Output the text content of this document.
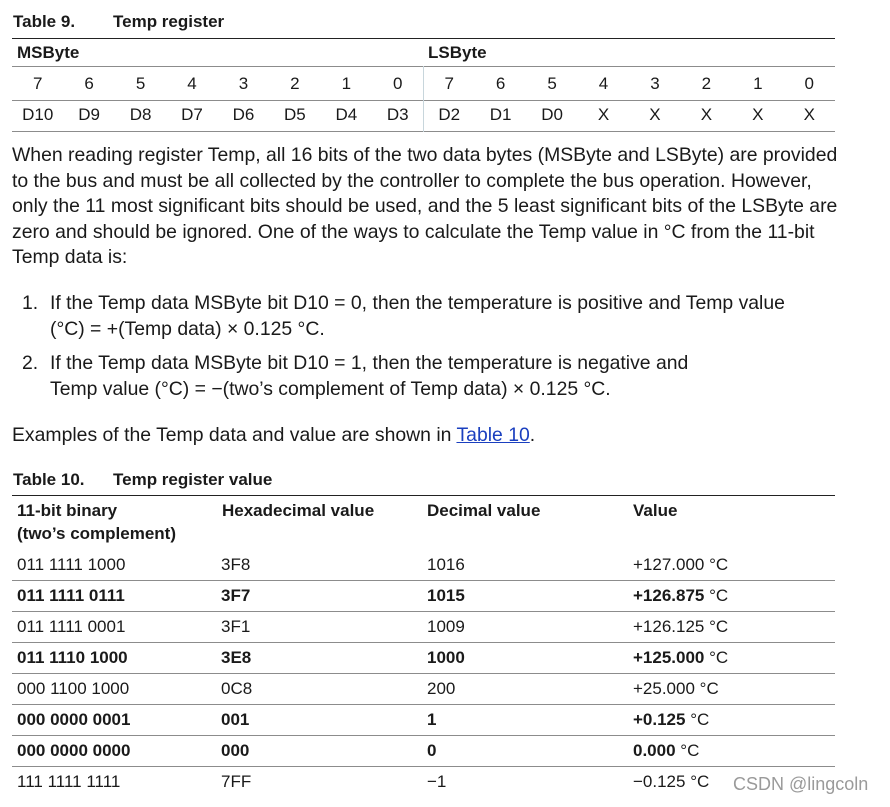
Table 9. Temp register
MSByte	LSByte
7	6	5	4	3	2	1	0	7	6	5	4	3	2	1	0
D10	D9	D8	D7	D6	D5	D4	D3	D2	D1	D0	X	X	X	X	X
When reading register Temp, all 16 bits of the two data bytes (MSByte and LSByte) are provided to the bus and must be all collected by the controller to complete the bus operation. However, only the 11 most significant bits should be used, and the 5 least significant bits of the LSByte are zero and should be ignored. One of the ways to calculate the Temp value in °C from the 11-bit Temp data is:
1. If the Temp data MSByte bit D10 = 0, then the temperature is positive and Temp value
(°C) = +(Temp data) × 0.125 °C.
2. If the Temp data MSByte bit D10 = 1, then the temperature is negative and
Temp value (°C) = −(two’s complement of Temp data) × 0.125 °C.
Examples of the Temp data and value are shown in Table 10.
Table 10. Temp register value
11-bit binary
(two’s complement)
Hexadecimal value	Decimal value	Value
011 1111 1000	3F8	1016	+127.000 °C
011 1111 0111	3F7	1015	+126.875 °C
011 1111 0001	3F1	1009	+126.125 °C
011 1110 1000	3E8	1000	+125.000 °C
000 1100 1000	0C8	200	+25.000 °C
000 0000 0001	001	1	+0.125 °C
000 0000 0000	000	0	0.000 °C
111 1111 1111	7FF	−1	−0.125 °C CSDN @lingcoln
